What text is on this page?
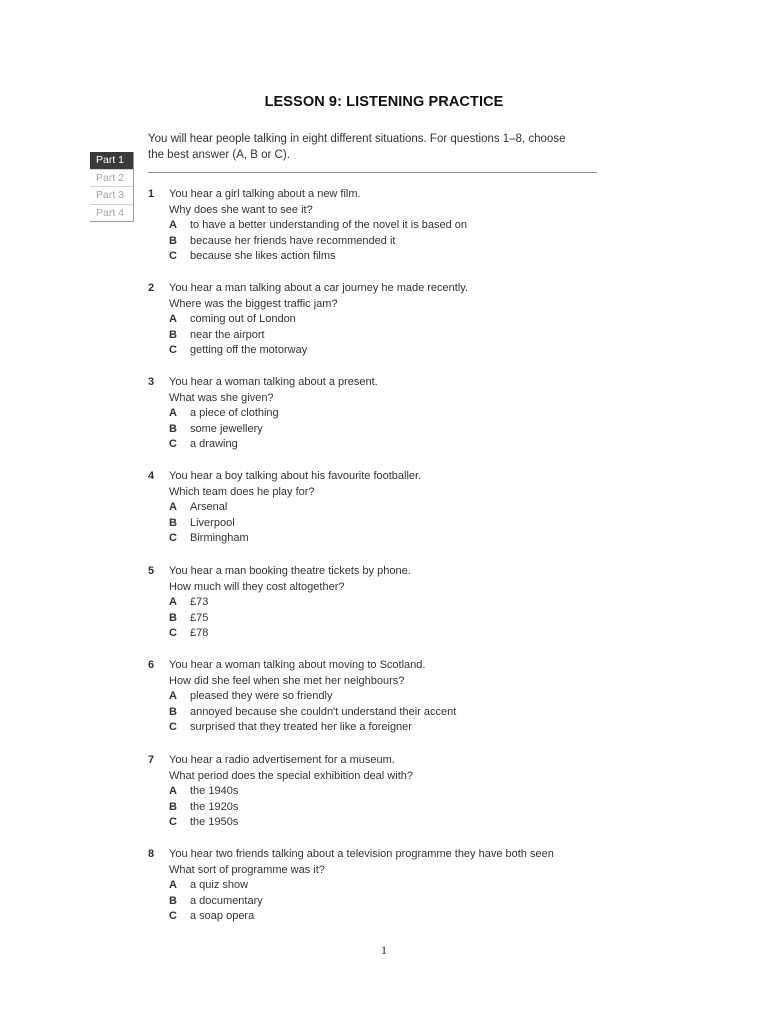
LESSON 9: LISTENING PRACTICE
You will hear people talking in eight different situations. For questions 1–8, choose
the best answer (A, B or C).
Part 1
Part 2
Part 3
Part 4
1	You hear a girl talking about a new film.
Why does she want to see it?
A to have a better understanding of the novel it is based on
B because her friends have recommended it
C because she likes action films
2	You hear a man talking about a car journey he made recently.
Where was the biggest traffic jam?
A coming out of London
B near the airport
C getting off the motorway
3	You hear a woman talking about a present.
What was she given?
A a piece of clothing
B some jewellery
C a drawing
4	You hear a boy talking about his favourite footballer.
Which team does he play for?
A Arsenal
B Liverpool
C Birmingham
5	You hear a man booking theatre tickets by phone.
How much will they cost altogether?
A £73
B £75
C £78
6	You hear a woman talking about moving to Scotland.
How did she feel when she met her neighbours?
A pleased they were so friendly
B annoyed because she couldn't understand their accent
C surprised that they treated her like a foreigner
7	You hear a radio advertisement for a museum.
What period does the special exhibition deal with?
A the 1940s
B the 1920s
C the 1950s
8	You hear two friends talking about a television programme they have both seen
What sort of programme was it?
A a quiz show
B a documentary
C a soap opera
1
